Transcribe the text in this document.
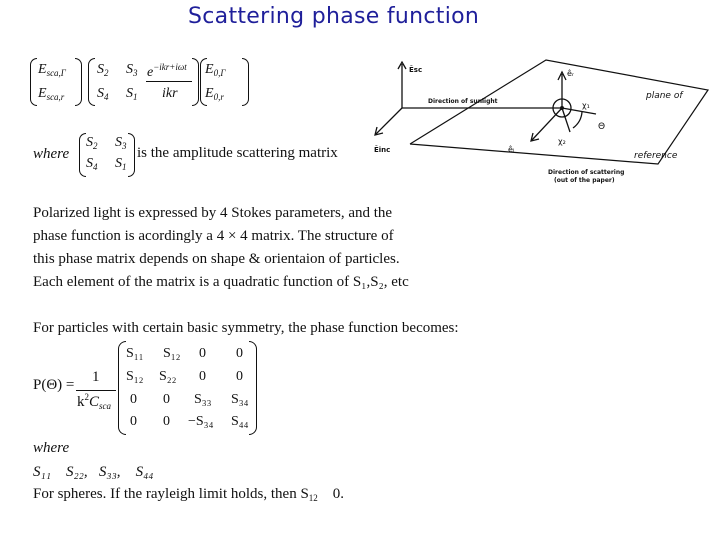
Scattering phase function
$E_{sca,\Gamma}$
$E_{sca,r}$
$S_2$ $S_3$
$S_4$ $S_1$
$e^{-ikr+i\omega t}$
ikr
$E_{0,\Gamma}$
$E_{0,r}$
where
$S_2$ $S_3$
$S_4$ $S_1$
is the amplitude scattering matrix
Ẽsc
Ẽinc
Direction of sunlight
Direction of scattering
(out of the paper)
plane of
reference
Θ
χ₁
χ₂
êᵣ
êₗ
Polarized light is expressed by 4 Stokes parameters, and the
phase function is acordingly a 4 × 4 matrix. The structure of
this phase matrix depends on shape & orientaion of particles.
Each element of the matrix is a quadratic function of S₁,S₂, etc
For particles with certain basic symmetry, the phase function becomes:
P(Θ) = 1
$k^2C_{sca}$
S₁₁ S₁₂ 0 0
S₁₂ S₂₂ 0 0
0 0 S₃₃ S₃₄
0 0 −S₃₄ S₄₄
where
S₁₁ S₂₂, S₃₃, S₄₄
For spheres. If the rayleigh limit holds, then $S_{12}$ 0.
